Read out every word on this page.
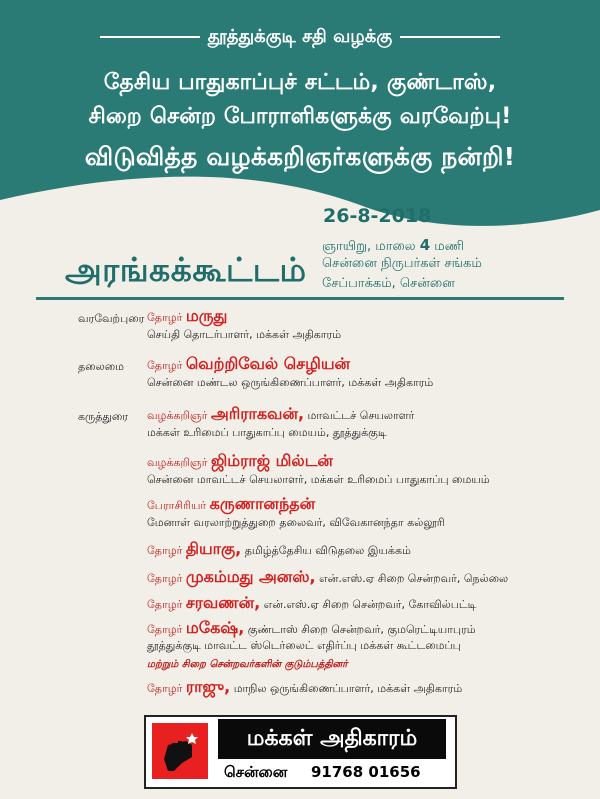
தூத்துக்குடி சதி வழக்கு
தேசிய பாதுகாப்புச் சட்டம், குண்டாஸ்,
சிறை சென்ற போராளிகளுக்கு வரவேற்பு!
விடுவித்த வழக்கறிஞர்களுக்கு நன்றி!
அரங்கக்கூட்டம்
26-8-2018
ஞாயிறு, மாலை 4 மணி
சென்னை நிருபர்கள் சங்கம்
சேப்பாக்கம், சென்னை
வரவேற்புரை தோழர் மருது
செய்தி தொடர்பாளர், மக்கள் அதிகாரம்
தலைமை தோழர் வெற்றிவேல் செழியன்
சென்னை மண்டல ஒருங்கிணைப்பாளர், மக்கள் அதிகாரம்
கருத்துரை வழக்கறிஞர் அரிராகவன், மாவட்டச் செயலாளர்
மக்கள் உரிமைப் பாதுகாப்பு மையம், தூத்துக்குடி
வழக்கறிஞர் ஜிம்ராஜ் மில்டன்
சென்னை மாவட்டச் செயலாளர், மக்கள் உரிமைப் பாதுகாப்பு மையம்
பேராசிரியர் கருணானந்தன்
மேனாள் வரலாற்றுத்துறை தலைவர், விவேகானந்தா கல்லூரி
தோழர் தியாகு, தமிழ்த்தேசிய விடுதலை இயக்கம்
தோழர் முகம்மது அனஸ், என்.எஸ்.ஏ சிறை சென்றவர், நெல்லை
தோழர் சரவணன், என்.எஸ்.ஏ சிறை சென்றவர், கோவில்பட்டி
தோழர் மகேஷ், குண்டாஸ் சிறை சென்றவர், குமரெட்டியாபுரம்
தூத்துக்குடி மாவட்ட ஸ்டெர்லைட் எதிர்ப்பு மக்கள் கூட்டமைப்பு
மற்றும் சிறை சென்றவர்களின் குடும்பத்தினர்
தோழர் ராஜு, மாநில ஒருங்கிணைப்பாளர், மக்கள் அதிகாரம்
மக்கள் அதிகாரம்
சென்னை 91768 01656
